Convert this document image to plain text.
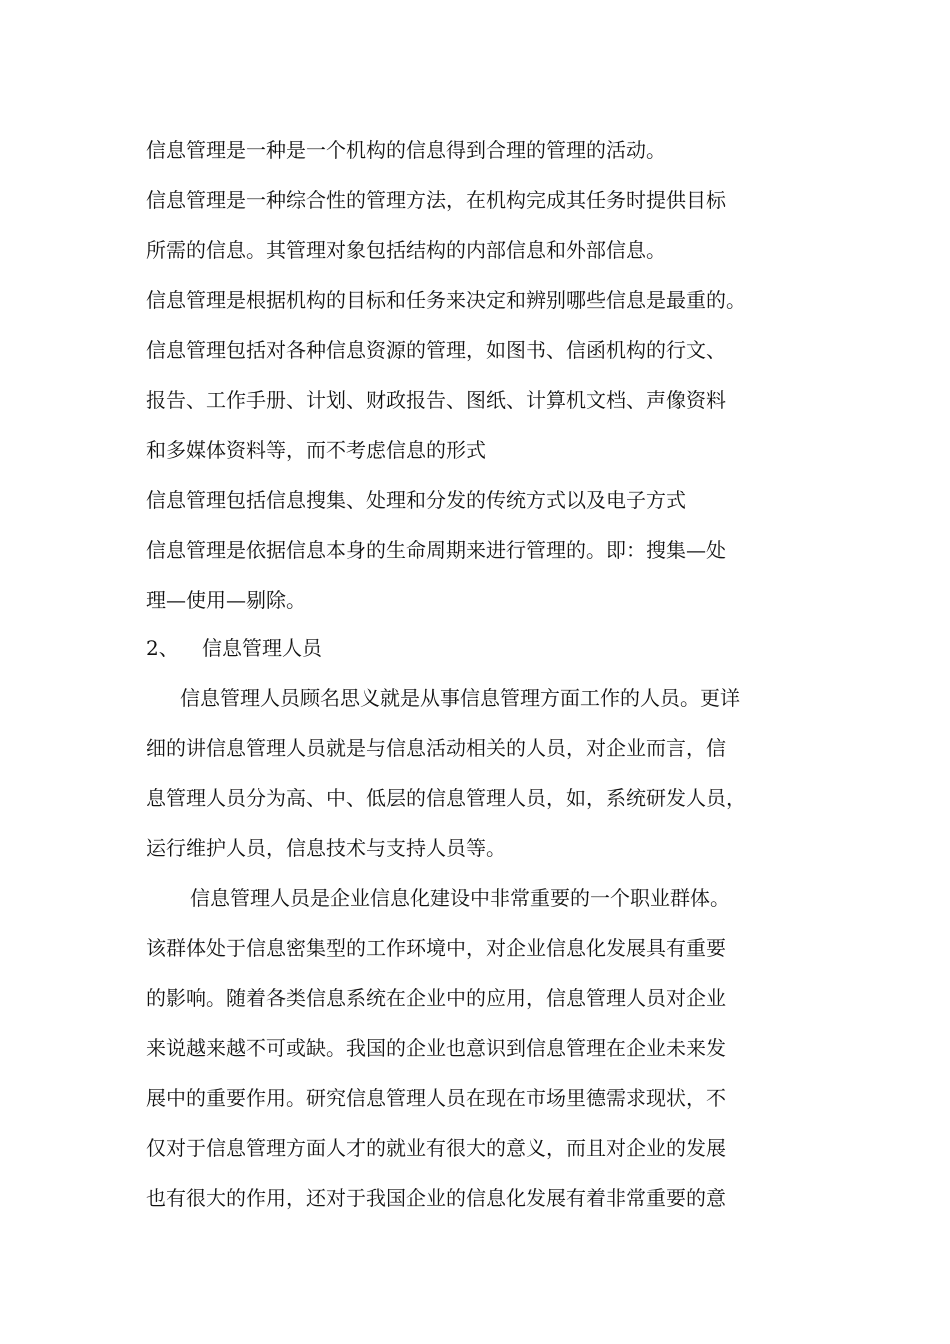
信息管理是一种是一个机构的信息得到合理的管理的活动。
信息管理是一种综合性的管理方法，在机构完成其任务时提供目标
所需的信息。其管理对象包括结构的内部信息和外部信息。
信息管理是根据机构的目标和任务来决定和辨别哪些信息是最重的。
信息管理包括对各种信息资源的管理，如图书、信函机构的行文、
报告、工作手册、计划、财政报告、图纸、计算机文档、声像资料
和多媒体资料等，而不考虑信息的形式
信息管理包括信息搜集、处理和分发的传统方式以及电子方式
信息管理是依据信息本身的生命周期来进行管理的。即：搜集—处
理—使用—剔除。
2、 信息管理人员
信息管理人员顾名思义就是从事信息管理方面工作的人员。更详
细的讲信息管理人员就是与信息活动相关的人员，对企业而言，信
息管理人员分为高、中、低层的信息管理人员，如，系统研发人员，
运行维护人员，信息技术与支持人员等。
信息管理人员是企业信息化建设中非常重要的一个职业群体。
该群体处于信息密集型的工作环境中，对企业信息化发展具有重要
的影响。随着各类信息系统在企业中的应用，信息管理人员对企业
来说越来越不可或缺。我国的企业也意识到信息管理在企业未来发
展中的重要作用。研究信息管理人员在现在市场里德需求现状，不
仅对于信息管理方面人才的就业有很大的意义，而且对企业的发展
也有很大的作用，还对于我国企业的信息化发展有着非常重要的意
